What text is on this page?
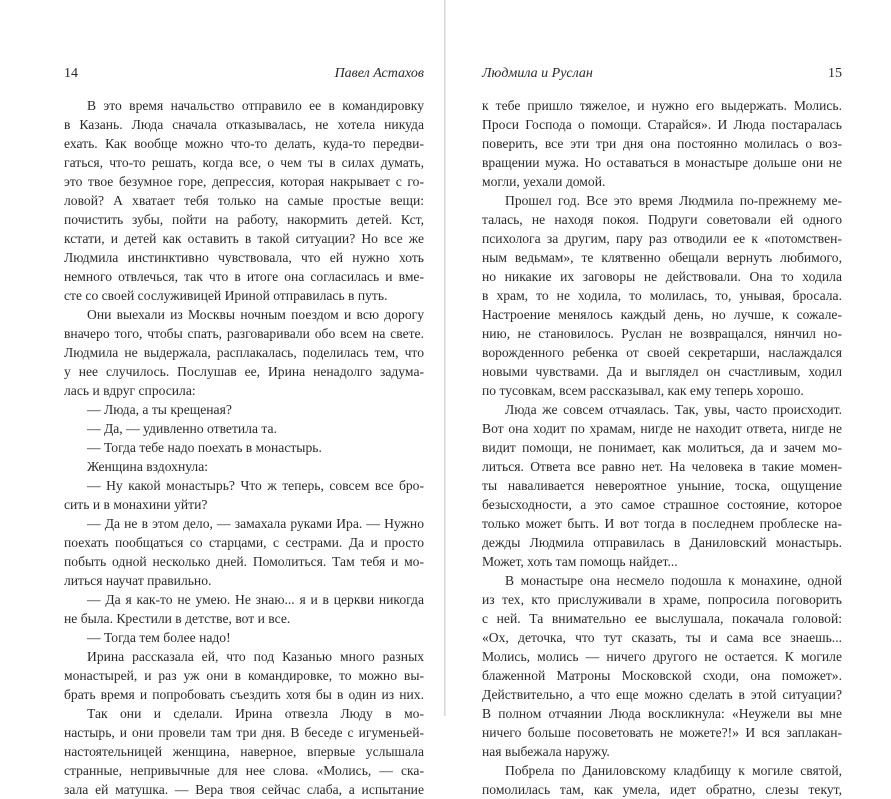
14	Павел Астахов
В это время начальство отправило ее в командировку
в Казань. Люда сначала отказывалась, не хотела никуда
ехать. Как вообще можно что-то делать, куда-то передви-
гаться, что-то решать, когда все, о чем ты в силах думать,
это твое безумное горе, депрессия, которая накрывает с го-
ловой? А хватает тебя только на самые простые вещи:
почистить зубы, пойти на работу, накормить детей. Кст,
кстати, и детей как оставить в такой ситуации? Но все же
Людмила инстинктивно чувствовала, что ей нужно хоть
немного отвлечься, так что в итоге она согласилась и вме-
сте со своей сослуживицей Ириной отправилась в путь.
Они выехали из Москвы ночным поездом и всю дорогу
вначеро того, чтобы спать, разговаривали обо всем на свете.
Людмила не выдержала, расплакалась, поделилась тем, что
у нее случилось. Послушав ее, Ирина ненадолго задума-
лась и вдруг спросила:
— Люда, а ты крещеная?
— Да, — удивленно ответила та.
— Тогда тебе надо поехать в монастырь.
Женщина вздохнула:
— Ну какой монастырь? Что ж теперь, совсем все бро-
сить и в монахини уйти?
— Да не в этом дело, — замахала руками Ира. — Нужно
поехать пообщаться со старцами, с сестрами. Да и просто
побыть одной несколько дней. Помолиться. Там тебя и мо-
литься научат правильно.
— Да я как-то не умею. Не знаю... я и в церкви никогда
не была. Крестили в детстве, вот и все.
— Тогда тем более надо!
Ирина рассказала ей, что под Казанью много разных
монастырей, и раз уж они в командировке, то можно вы-
брать время и попробовать съездить хотя бы в один из них.
Так они и сделали. Ирина отвезла Люду в мо-
настырь, и они провели там три дня. В беседе с игуменьей-
настоятельницей женщина, наверное, впервые услышала
странные, непривычные для нее слова. «Молись, — ска-
зала ей матушка. — Вера твоя сейчас слаба, а испытание
Людмила и Руслан	15
к тебе пришло тяжелое, и нужно его выдержать. Молись.
Проси Господа о помощи. Старайся». И Люда постаралась
поверить, все эти три дня она постоянно молилась о воз-
вращении мужа. Но оставаться в монастыре дольше они не
могли, уехали домой.
Прошел год. Все это время Людмила по-прежнему ме-
талась, не находя покоя. Подруги советовали ей одного
психолога за другим, пару раз отводили ее к «потомствен-
ным ведьмам», те клятвенно обещали вернуть любимого,
но никакие их заговоры не действовали. Она то ходила
в храм, то не ходила, то молилась, то, унывая, бросала.
Настроение менялось каждый день, но лучше, к сожале-
нию, не становилось. Руслан не возвращался, нянчил но-
ворожденного ребенка от своей секретарши, наслаждался
новыми чувствами. Да и выглядел он счастливым, ходил
по тусовкам, всем рассказывал, как ему теперь хорошо.
Люда же совсем отчаялась. Так, увы, часто происходит.
Вот она ходит по храмам, нигде не находит ответа, нигде не
видит помощи, не понимает, как молиться, да и зачем мо-
литься. Ответа все равно нет. На человека в такие момен-
ты наваливается невероятное уныние, тоска, ощущение
безысходности, а это самое страшное состояние, которое
только может быть. И вот тогда в последнем проблеске на-
дежды Людмила отправилась в Даниловский монастырь.
Может, хоть там помощь найдет...
В монастыре она несмело подошла к монахине, одной
из тех, кто прислуживали в храме, попросила поговорить
с ней. Та внимательно ее выслушала, покачала головой:
«Ох, деточка, что тут сказать, ты и сама все знаешь...
Молись, молись — ничего другого не остается. К могиле
блаженной Матроны Московской сходи, она поможет».
Действительно, а что еще можно сделать в этой ситуации?
В полном отчаянии Люда воскликнула: «Неужели вы мне
ничего больше посоветовать не можете?!» И вся заплакан-
ная выбежала наружу.
Побрела по Даниловскому кладбищу к могиле святой,
помолилась там, как умела, идет обратно, слезы текут,
